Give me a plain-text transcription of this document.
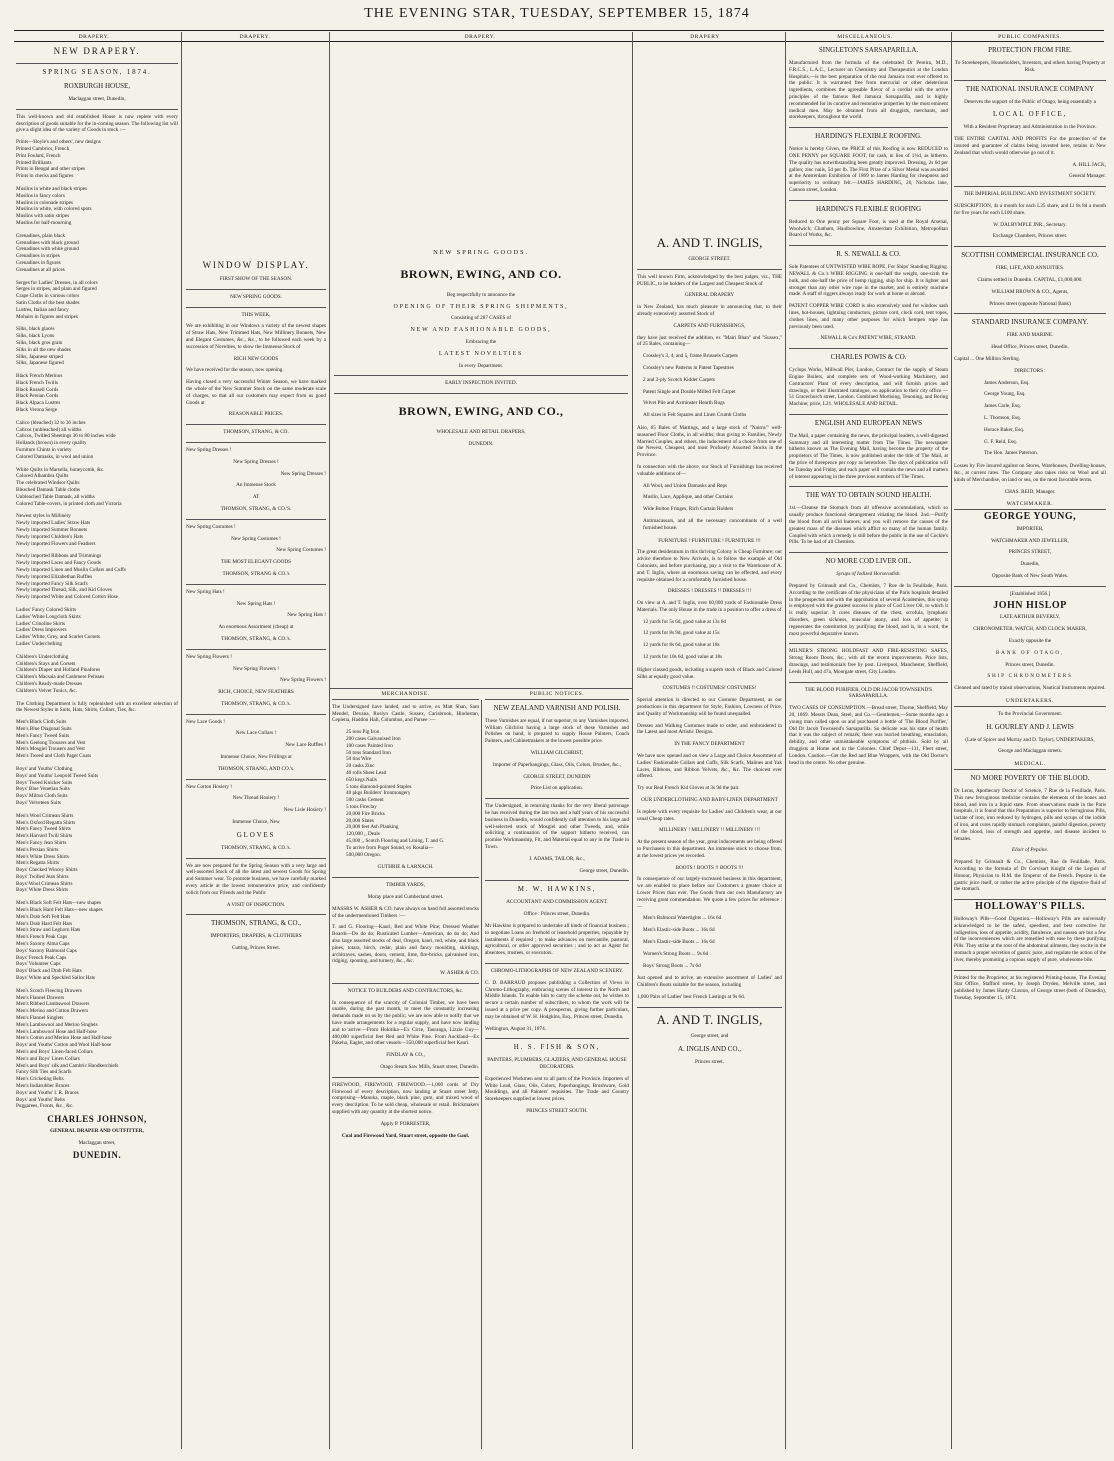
THE EVENING STAR, TUESDAY, SEPTEMBER 15, 1874
DRAPERY.	DRAPERY.	DRAPERY.	DRAPERY	MISCELLANEOUS.	PUBLIC COMPANIES.

NEW DRAPERY.

SPRING SEASON, 1874.

ROXBURGH HOUSE,

Maclaggan street, Dunedin,

This well-known and old established House is now replete with every description of goods suitable for the in-coming season. The following list will give a slight idea of the variety of Goods in stock :—

Prints—Hoyle's and others', new designs
Printed Cambrics, French
Print Foulard, French
Printed Brilliants
Prints in Bengal and other stripes
Prints in checks and figures
Muslins in white and black stripes
Muslins in fancy colors
Muslins in colonade stripes
Muslins in white, with colored spots
Muslins with satin stripes
Muslins for half-mourning
Grenadines, plain black
Grenadines with black ground
Grenadines with white ground
Grenadines in stripes
Grenadines in figures
Grenadines at all prices
Serges for Ladies' Dresses, in all colors
Serges in stripes, and plain and figured
Crape Cloths in various colors
Satin Cloths of the best shades
Lustres, Italian and fancy
Mohairs in figures and stripes
Silks, black glacés
Silks, black Lyons
Silks, black gros grain
Silks in all the new shades
Silks, Japanese striped
Silks, Japanese figured
Black French Merinos
Black French Twills
Black Russell Cords
Black Persian Cords
Black Alpaca Lustres
Black Verona Serge
Calico (bleached) 32 to 36 inches
Calicos (unbleached) all widths
Calicos, Twilled Sheetings 36 to 80 inches wide
Hollands (brown) in every quality
Furniture Chintz in variety
Colored Damasks, in wool and union
White Quilts in Marsella, honeycomb, &c.
Colored Alhambra Quilts
The celebrated Windsor Quilts
Bleached Damask Table cloths
Unbleached Table Damask, all widths
Colored Table-covers, in printed cloth and Victoria
Newest styles in Millinery
Newly imported Ladies' Straw Hats
Newly imported Summer Bonnets
Newly imported Children's Hats
Newly imported Flowers and Feathers
Newly imported Ribbons and Trimmings
Newly imported Laces and Fancy Goods
Newly imported Linen and Muslin Collars and Cuffs
Newly imported Elizabethan Ruffles
Newly imported Fancy Silk Scarfs
Newly imported Thread, Silk, and Kid Gloves
Newly imported White and Colored Cotton Hose
Ladies' Fancy Colored Skirts
Ladies' White Longcloth Skirts
Ladies' Crinoline Skirts
Ladies' Dress Improvers
Ladies' White, Grey, and Scarlet Corsets
Ladies' Underclothing
Children's Underclothing
Children's Stays and Corsets
Children's Diaper and Holland Pinafores
Children's Macsala and Cashmere Pelisses
Children's Ready-made Dresses
Children's Velvet Tunics, &c.

The Clothing Department is fully replenished with an excellent selection of the Newest Styles in Suits, Hats, Shirts, Collars, Ties, &c.

Men's Black Cloth Suits
Men's Blue Diagonal Suits
Men's Fancy Tweed Suits
Men's Geelong Trousers and Vest
Men's Mosgiel Trousers and Vest
Men's Tweed and Cloth Paget Coats
Boys' and Youths' Clothing
Boys' and Youths' Leopold Tweed Suits
Boys' Tweed Knicker Suits
Boys' Blue Venetian Suits
Boys' Milton Cloth Suits
Boys' Velveteen Suits
Men's Wool Crimean Shirts
Men's Oxford Regatta Shirts
Men's Fancy Tweed Shirts
Men's Harvard Twill Shirts
Men's Fancy Jean Shirts
Men's Persian Shirts
Men's White Dress Shirts
Men's Regatta Shirts
Boys' Checked Wincey Shirts
Boys' Twilled Jean Shirts
Boys' Wool Crimean Shirts
Boys' White Dress Shirts
Men's Black Soft Felt Hats—new shapes
Men's Black Hard Felt Hats—new shapes
Men's Drab Soft Felt Hats
Men's Drab Hard Felt Hats
Men's Straw and Leghorn Hats
Men's French Peak Caps
Men's Saxony Alma Caps
Boys' Saxony Balmoral Caps
Boys' French Peak Caps
Boys' Volunteer Caps
Boys' Black and Drab Felt Hats
Boys' White and Speckled Sailor Hats
Men's Scotch Fleecing Drawers
Men's Flannel Drawers
Men's Ribbed Lambswool Drawers
Men's Merino and Cotton Drawers
Men's Flannel Singlets
Men's Lambswool and Merino Singlets
Men's Lambswool Hose and Half-hose
Men's Cotton and Merino Hose and Half-hose
Boys' and Youths' Cotton and Wool Half-hose
Men's and Boys' Linen-faced Collars
Men's and Boys' Linen Collars
Men's and Boys' silk and Cambric Handkerchiefs
Fancy Silk Ties and Scarfs
Men's Cricketing Belts
Men's Indiarubber Braces
Boys' and Youths' I. R. Braces
Boys' and Youths' Belts
Puggarees, Fronts, &c., &c.

CHARLES JOHNSON,

GENERAL DRAPER AND OUTFITTER,

Maclaggan street,

DUNEDIN.

WINDOW DISPLAY.

FIRST SHOW OF THE SEASON.

NEW SPRING GOODS.

THIS WEEK,

We are exhibiting in our Windows a variety of the newest shapes of Straw Hats, New Trimmed Hats, New Millinery Bonnets, New and Elegant Costumes, &c., &c., to be followed each week by a succession of Novelties, to show the Immense Stock of

RICH NEW GOODS

We have received for the season, now opening.

Having closed a very successful Winter Season, we have marked the whole of the New Summer Stock on the same moderate scale of charges, so that all our customers may expect from us good Goods at

REASONABLE PRICES.

THOMSON, STRANG, & CO.

New Spring Dresses !

New Spring Dresses !

New Spring Dresses !

An Immense Stock

AT

THOMSON, STRANG, & CO.'S.

New Spring Costumes !

New Spring Costumes !

New Spring Costumes !

THE MOST ELEGANT GOODS

THOMSON, STRANG & CO.'s

New Spring Hats !

New Spring Hats !

New Spring Hats !

An enormous Assortment (cheap) at

THOMSON, STRANG, & CO.'s.

New Spring Flowers !

New Spring Flowers !

New Spring Flowers !

RICH, CHOICE, NEW FEATHERS

THOMSON, STRANG, & CO.'s.

New Lace Goods !

New Lace Collars !

New Lace Ruffles !

Immense Choice, New Frillings at

THOMSON, STRANG, AND CO.'s.

New Cotton Hosiery !

New Thread Hosiery !

New Lisle Hosiery !

Immense Choice, New

GLOVES

THOMSON, STRANG, & CO.'s.

We are now prepared for the Spring Season with a very large and well-assorted Stock of all the latest and newest Goods for Spring and Summer wear. To promote business, we have carefully marked every article at the lowest remunerative price, and confidently solicit from our Friends and the Public

A VISIT OF INSPECTION.

THOMSON, STRANG, & CO.,

IMPORTERS, DRAPERS, & CLOTHIERS

Cutting, Princes Street.

NEW SPRING GOODS.

BROWN, EWING, AND CO.

Beg respectfully to announce the

OPENING OF THEIR SPRING SHIPMENTS,

Consisting of 287 CASES of

NEW AND FASHIONABLE GOODS,

Embracing the

LATEST NOVELTIES

In every Department.

EARLY INSPECTION INVITED.

BROWN, EWING, AND CO.,

WHOLESALE AND RETAIL DRAPERS,

DUNEDIN.

MERCHANDISE.

The Undersigned have landed, and to arrive, ex Matt Shan, Sam Mendel, Devana, Roslyn Castle, Sussex, Carisbrook, Hindostan, Cepletia, Haddon Hall, Columbus, and Parsee :—

25 tons Pig Iron
200 cases Galvanised Iron
100 cases Painted Iron
50 tons Standard Iron
50 tins Wire
20 casks Zinc
40 rolls Sheet Lead
650 kegs Nails
5 tons diamond-pointed Staples
40 pkgs Builders' Ironmongery
500 casks Cement
5 tons Fireclay
20,000 Fire Bricks
20,000 Slates
20,000 feet Ash Planking
120,000 ,, Deals
45,000 ,, Scotch Flooring and Lining, T. and G.
To arrive from Puget Sound, ex Rosalia—
500,000 Oregon.

GUTHRIE & LARNACH.

TIMBER YARDS,

Moray place and Cumberland street.

MASSRS W. ASHER & CO. have always on hand full assorted stocks of the undermentioned Timbers :—

T. and G. Flooring—Kauri, Red and White Pine; Dressed Weather Boards—Do do do; Rusticated Lumber—American, do do do; And also large assorted stocks of deal, Oregon, kauri, red, white, and black pines, totara, birch, cedar, plain and fancy moulding, skirtings, architraves, sashes, doors, cement, lime, fire-bricks, galvanised iron, ridging, spouting, and turnery, &c., &c.

W. ASHER & CO.

NOTICE TO BUILDERS AND CONTRACTORS, &c.

In consequence of the scarcity of Colonial Timber, we have been unable, during the past month, to meet the constantly increasing demands made on us by the public; we are now able to notify that we have made arrangements for a regular supply, and have now landing and to arrive:—From Hokitika—Ex Circe, Tauranga, Lizzie Guy—400,000 superficial feet Red and White Pine. From Auckland—Ex Pakeha, Eaglet, and other vessels—350,000 superficial feet Kauri.

FINDLAY & CO.,

Otago Steam Saw Mills, Stuart street, Dunedin.

FIREWOOD, FIREWOOD, FIREWOOD.—1,000 cords of Dry Firewood of every description, now landing at Stuart street Jetty, comprising—Manuka, maple, black pine, gum, and mixed wood of every description. To be sold cheap, wholesale or retail. Brickmakers supplied with any quantity at the shortest notice.

Apply P. FORRESTER,

Coal and Firewood Yard, Stuart street, opposite the Gaol.

PUBLIC NOTICES.

NEW ZEALAND VARNISH AND POLISH.

These Varnishes are equal, if not superior, to any Varnishes imported. William Gilchrist having a large stock of these Varnishes and Polishes on hand, is prepared to supply House Painters, Coach Painters, and Cabinetmakers at the lowest possible price.

WILLIAM GILCHRIST,

Importer of Paperhangings, Glass, Oils, Colors, Brushes, &c.,

GEORGE STREET, DUNEDIN

Price List on application.

The Undersigned, in returning thanks for the very liberal patronage he has received during the last two and a half years of his successful business in Dunedin, would confidently call attention to his large and well-selected stock of Mosgiel and other Tweeds, and, while soliciting a continuation of the support hitherto received, can promise Workmanship, Fit, and Material equal to any in the Trade in Town.

J. ADAMS, TAILOR, &c.,

George street, Dunedin.

M. W. HAWKINS,

ACCOUNTANT AND COMMISSION AGENT.

Office : Princes street, Dunedin.

Mr Hawkins is prepared to undertake all kinds of financial business ; to negotiate Loans on freehold or leasehold properties, repayable by instalments if required ; to make advances on mercantile, pastoral, agricultural, or other approved securities ; and to act as Agent for absentees, trustees, or executors.

CHROMO-LITHOGRAPHS OF NEW ZEALAND SCENERY.

C. D. BARRAUD proposes publishing a Collection of Views in Chromo-Lithography, embracing scenes of interest in the North and Middle Islands. To enable him to carry the scheme out, he wishes to secure a certain number of subscribers, to whom the work will be issued at a price per copy. A prospectus, giving further particulars, may be obtained of W. H. Hodgkins, Esq., Princes street, Dunedin.

Wellington, August 31, 1874.

H. S. FISH & SON,

PAINTERS, PLUMBERS, GLAZIERS, AND GENERAL HOUSE DECORATORS.

Experienced Workmen sent to all parts of the Province. Importers of White Lead, Glass, Oils, Colors, Paperhangings, Brushware, Gold Mouldings, and all Painters' requisites. The Trade and Country Storekeepers supplied at lowest prices.

PRINCES STREET SOUTH.

A. AND T. INGLIS,

GEORGE STREET.

This well known Firm, acknowledged by the best judges, viz., THE PUBLIC, to be holders of the Largest and Cheapest Stock of

GENERAL DRAPERY

in New Zealand, has much pleasure in announcing that, to their already extensively assorted Stock of

CARPETS AND FURNISHINGS,

they have just received the addition, ex "Mairi Bhan" and "Sussex," of 25 Bales, containing—

Crossley's 3, 4, and 5, frame Brussels Carpets

Crossley's new Patterns in Patent Tapestries

2 and 3-ply Scotch Kidder Carpets

Patent Single and Double Milled Felt Carpet

Velvet Pile and Axminster Hearth Rugs

All sizes in Felt Squares and Linen Crumb Cloths

Also, 65 Bales of Mattings, and a large stock of "Nairns'" well-seasoned Floor Cloths, in all widths; thus giving to Families, Newly Married Couples, and others, the inducement of a choice from one of the Newest, Cheapest, and most Profusely Assorted Stocks in the Province.

In connection with the above, our Stock of Furnishings has received valuable additions of—

All Wool, and Union Damasks and Reps

Muslin, Lace, Applique, and other Curtains

Wide Bolton Fringes, Rich Curtain Holders

Antimacassars, and all the necessary concomitants of a well furnished house.

FURNITURE ! FURNITURE ! FURNITURE !!!

The great desideratum in this thriving Colony is Cheap Furniture; our advice therefore to New Arrivals, is to follow the example of Old Colonists, and before purchasing, pay a visit to the Warehouse of A. and T. Inglis, where an enormous saving can be effected, and every requisite obtained for a comfortably furnished house.

DRESSES ! DRESSES !! DRESSES !!!

On view at A. and T. Inglis, over 60,000 yards of Fashionable Dress Materials. The only House in the trade in a position to offer a dress of

12 yards for 5s 6d, good value at 13s 6d

12 yards for 8s 9d, good value at 15s

12 yards for 8s 6d, good value at 18s

12 yards for 10s 6d, good value at 18s

Higher classed goods, including a superb stock of Black and Colored Silks at equally good value.

COSTUMES !! COSTUMES! COSTUMES!

Special attention is directed to our Costume Department, as our productions in this department for Style, Fashion, Lowness of Price, and Quality of Workmanship will be found unequalled.

Dresses and Walking Costumes made to order, and embroidered in the Latest and most Artistic Designs.

IN THE FANCY DEPARTMENT

We have now opened and on view a Large and Choice Assortment of Ladies' Fashionable Collars and Cuffs, Silk Scarfs, Malines and Yak Laces, Ribbons, and Ribbon Velvets, &c., &c. The choicest ever offered.

Try our Real French Kid Gloves at 3s 9d the pair.

OUR UNDERCLOTHING AND BABY-LINEN DEPARTMENT

Is replete with every requisite for Ladies' and Children's wear, at our usual Cheap rates.

MILLINERY ! MILLINERY !! MILLINERY !!!

At the present season of the year, great inducements are being offered to Purchasers in this department. An immense stock to choose from, at the lowest prices yet recorded.

BOOTS ! BOOTS !! BOOTS !!!

In consequence of our largely-increased business in this department, we are enabled to place before our Customers a greater choice at Lower Prices than ever. The Goods from our own Manufactory are receiving great commendation. We quote a few prices for reference :—

Men's Balmoral Watertights ... 16s 6d

Men's Elastic-side Boots ... 16s 6d

Men's Elastic-side Boots ... 16s 6d

Women's Strong Boots ... 9s 6d

Boys' Strong Boots ... 7s 6d

Just opened and to arrive, an extensive assortment of Ladies' and Children's Boots suitable for the season, including

1,000 Pairs of Ladies' best French Lastings at 9s 6d.

A. AND T. INGLIS,

George street, and

A. INGLIS AND CO.,

Princes street.

SINGLETON'S SARSAPARILLA.

Manufactured from the formula of the celebrated Dr Pereira, M.D., F.R.C.S., L.A.C., Lecturer on Chemistry and Therapeutics at the London Hospitals,—is the best preparation of the real Jamaica root ever offered to the public. It is warranted free from mercurial or other deleterious ingredients, combines the agreeable flavor of a cordial with the active principles of the famous Red Jamaica Sarsaparilla, and is highly recommended for its curative and restorative properties by the most eminent medical men. May be obtained from all druggists, merchants, and storekeepers, throughout the world.

HARDING'S FLEXIBLE ROOFING.

Notice is hereby Given, the PRICE of this Roofing is now REDUCED to ONE PENNY per SQUARE FOOT, for cash, in lieu of 1½d, as hitherto. The quality has notwithstanding been greatly improved. Dressing, 2s 6d per gallon; zinc nails, 5d per lb. The First Prize of a Silver Medal was awarded at the Amsterdam Exhibition of 1869 to James Harding for cheapness and superiority to ordinary felt.—JAMES HARDING, 26, Nicholas lane, Cannon street, London.

HARDING'S FLEXIBLE ROOFING

Reduced to One penny per Square Foot, is used at the Royal Arsenal, Woolwich; Chatham, Haulbowline, Amsterdam Exhibition, Metropolitan Board of Works, &c.

R. S. NEWALL & CO.

Sole Patentees of UNTWISTED WIRE ROPE, For Ships' Standing Rigging. NEWALL & Co.'s WIRE RIGGING is one-half the weight, one-sixth the bulk, and one-half the price of hemp rigging, ship for ship. It is lighter and stronger than any other wire rope in the market, and is entirely machine made. A staff of riggers always ready for work at home or abroad.

PATENT COPPER WIRE CORD is also extensively used for window sash lines, hot-houses, lightning conductors, picture cord, clock cord, tent ropes, clothes lines, and many other purposes for which hempen rope has previously been used.

NEWALL & Co's PATENT WIRE, STRAND.

CHARLES POWIS & CO.

Cyclops Works, Millwall Pier, London, Contract for the supply of Steam Engine Boilers, and complete sets of Wood-working Machinery, and Contractors' Plant of every description, and will furnish prices and drawings, or their illustrated catalogue, on application to their city office — 51 Gracechurch street, London. Combined Mortising, Tenoning, and Boring Machine; price, L21. WHOLESALE AND RETAIL.

ENGLISH AND EUROPEAN NEWS

The Mail, a paper containing the news, the principal leaders, a well-digested Summary and all interesting matter from The Times. The newspaper hitherto known as The Evening Mail, having become the property of the proprietors of The Times, is now published under the title of The Mail, at the price of threepence per copy as heretofore. The days of publication will be Tuesday and Friday, and each paper will contain the news and all matters of interest appearing in the three previous numbers of The Times.

THE WAY TO OBTAIN SOUND HEALTH.

1st.—Cleanse the Stomach from all offensive accumulations, which so usually produce functional derangement vitiating the blood. 2nd.—Purify the blood from all acrid humors, and you will remove the causes of the greatest mass of the diseases which afflict so many of the human family. Coupled with which a remedy is still before the public in the use of Cockle's Pills. To be had of all Chemists.

NO MORE COD LIVER OIL.

Syrups of Iodized Horseradish.

Prepared by Grimault and Co., Chemists, 7 Rue de la Feuillade, Paris. According to the certificate of the physicians of the Paris hospitals detailed in the prospectus and with the approbation of several Academies, this syrup is employed with the greatest success in place of Cod Liver Oil, to which it is really superior. It cures diseases of the chest, scrofula, lymphatic disorders, green sickness, muscular atony, and loss of appetite; it regenerates the constitution by purifying the blood, and is, in a word, the most powerful depurative known.

MILNER'S STRONG HOLDFAST AND FIRE-RESISTING SAFES, Strong Room Doors, &c., with all the recent improvements. Price lists, drawings, and testimonials free by post. Liverpool, Manchester, Sheffield, Leeds Hull, and 47a, Moorgate street, City London.

THE BLOOD PURIFIER, OLD DR JACOB TOWNSEND'S SARSAPARILLA.

TWO CASES OF CONSUMPTION.—Bread street, Thorne, Sheffield, May 20, 1869. Messrs Dean, Steel, and Co.—Gentlemen,—Some months ago a young man called upon us and purchased a bottle of 'The Blood Purifier,' Old Dr Jacob Townsend's Sarsaparilla. So delicate was his state of health that it was the subject of remark; there was hurried breathing, emaciation, debility, and other unmistakeable symptoms of phthisis. Sold by all druggists at Home and in the Colonies. Chief Depot—131, Fleet street, London. Caution.—Get the Red and Blue Wrappers, with the Old Doctor's head in the centre. No other genuine.

PROTECTION FROM FIRE.

To Storekeepers, Householders, Investors, and others having Property at Risk.

THE NATIONAL INSURANCE COMPANY

Deserves the support of the Public of Otago, being essentially a

LOCAL OFFICE,

With a Resident Proprietary and Administration in the Province.

THE ENTIRE CAPITAL AND PROFITS For the protection of the insured and guarantee of claims being invested here, retains in New Zealand that which would otherwise go out of it.

A. HILL JACK,

General Manager.

THE IMPERIAL BUILDING AND INVESTMENT SOCIETY.

SUBSCRIPTION, 4s a month for each L25 share, and Ll 8s 8d a month for five years for each L100 share.

W. DALRYMPLE JNR., Secretary.

Exchange Chambers, Princes street.

SCOTTISH COMMERCIAL INSURANCE CO.

FIRE, LIFE, AND ANNUITIES.

Claims settled in Dunedin. CAPITAL, £1,000,000.

WILLIAM BROWN & CO., Agents,

Princes street (opposite National Bank)

STANDARD INSURANCE COMPANY.

FIRE AND MARINE.

Head Office, Princes street, Dunedin.

Capital ... One Million Sterling.

DIRECTORS :

James Anderson, Esq.

George Young, Esq.

James Carle, Esq.

L. Thomson, Esq.

Horace Baker, Esq.

G. F. Reid, Esq.

The Hon. James Paterson.

Losses by Fire insured against on Stores, Warehouses, Dwelling-houses, &c., at current rates. The Company also takes risks on Wool and all kinds of Merchandise, on land or sea, on the most favorable terms.

CHAS. REID, Manager.

WATCHMAKER.

GEORGE YOUNG,

IMPORTER,

WATCHMAKER AND JEWELLER,

PRINCES STREET,

Dunedin,

Opposite Bank of New South Wales.

[Established 1856.]

JOHN HISLOP

LATE ARTHUR BEVERLY,

CHRONOMETER, WATCH, AND CLOCK MAKER,

Exactly opposite the

BANK OF OTAGO,

Princes street, Dunedin.

SHIP CHRONOMETERS

Cleaned and rated by transit observations, Nautical Instruments repaired.

UNDERTAKERS.

To the Provincial Government.

H. GOURLEY AND J. LEWIS

(Late of Spicer and Murray and D. Taylor), UNDERTAKERS,

George and Maclaggan streets.

MEDICAL.

NO MORE POVERTY OF THE BLOOD.

Dr Leras, Apothecary Doctor of Science, 7 Rue de la Feuillade, Paris. This new ferruginous medicine contains the elements of the bones and blood, and iron in a liquid state. From observations made in the Paris hospitals, it is found that this Preparation is superior to ferruginous Pills, lactate of iron, iron reduced by hydrogen, pills and syrups of the iodide of iron, and cures rapidly stomach complaints, painful digestion, poverty of the blood, loss of strength and appetite, and disease incident to females.

Elixir of Pepsine.

Prepared by Grimault & Co., Chemists, Rue de Feuillade, Paris. According to the formula of Dr Corvisart Knight of the Legion of Honour, Physician to H.M. the Emperor of the French. Pepsine is the gastric juice itself, or rather the active principle of the digestive fluid of the stomach.

HOLLOWAY'S PILLS.

Holloway's Pills—Good Digestion.—Holloway's Pills are universally acknowledged to be the safest, speediest, and best corrective for indigestion, loss of appetite, acidity, flatulence, and nausea are but a few of the inconveniences which are remedied with ease by these purifying Pills. They strike at the root of the abdominal ailments, they excite in the stomach a proper secretion of gastric juice, and regulate the action of the liver, thereby promoting a copious supply of pure, wholesome bile.

Printed for the Proprietor, at his registered Printing-house, The Evening Star Office, Stafford street, by Joseph Dryden, Melville street, and published by James Hardy Claxton, of George street (both of Dunedin), Tuesday, September 15, 1874.
